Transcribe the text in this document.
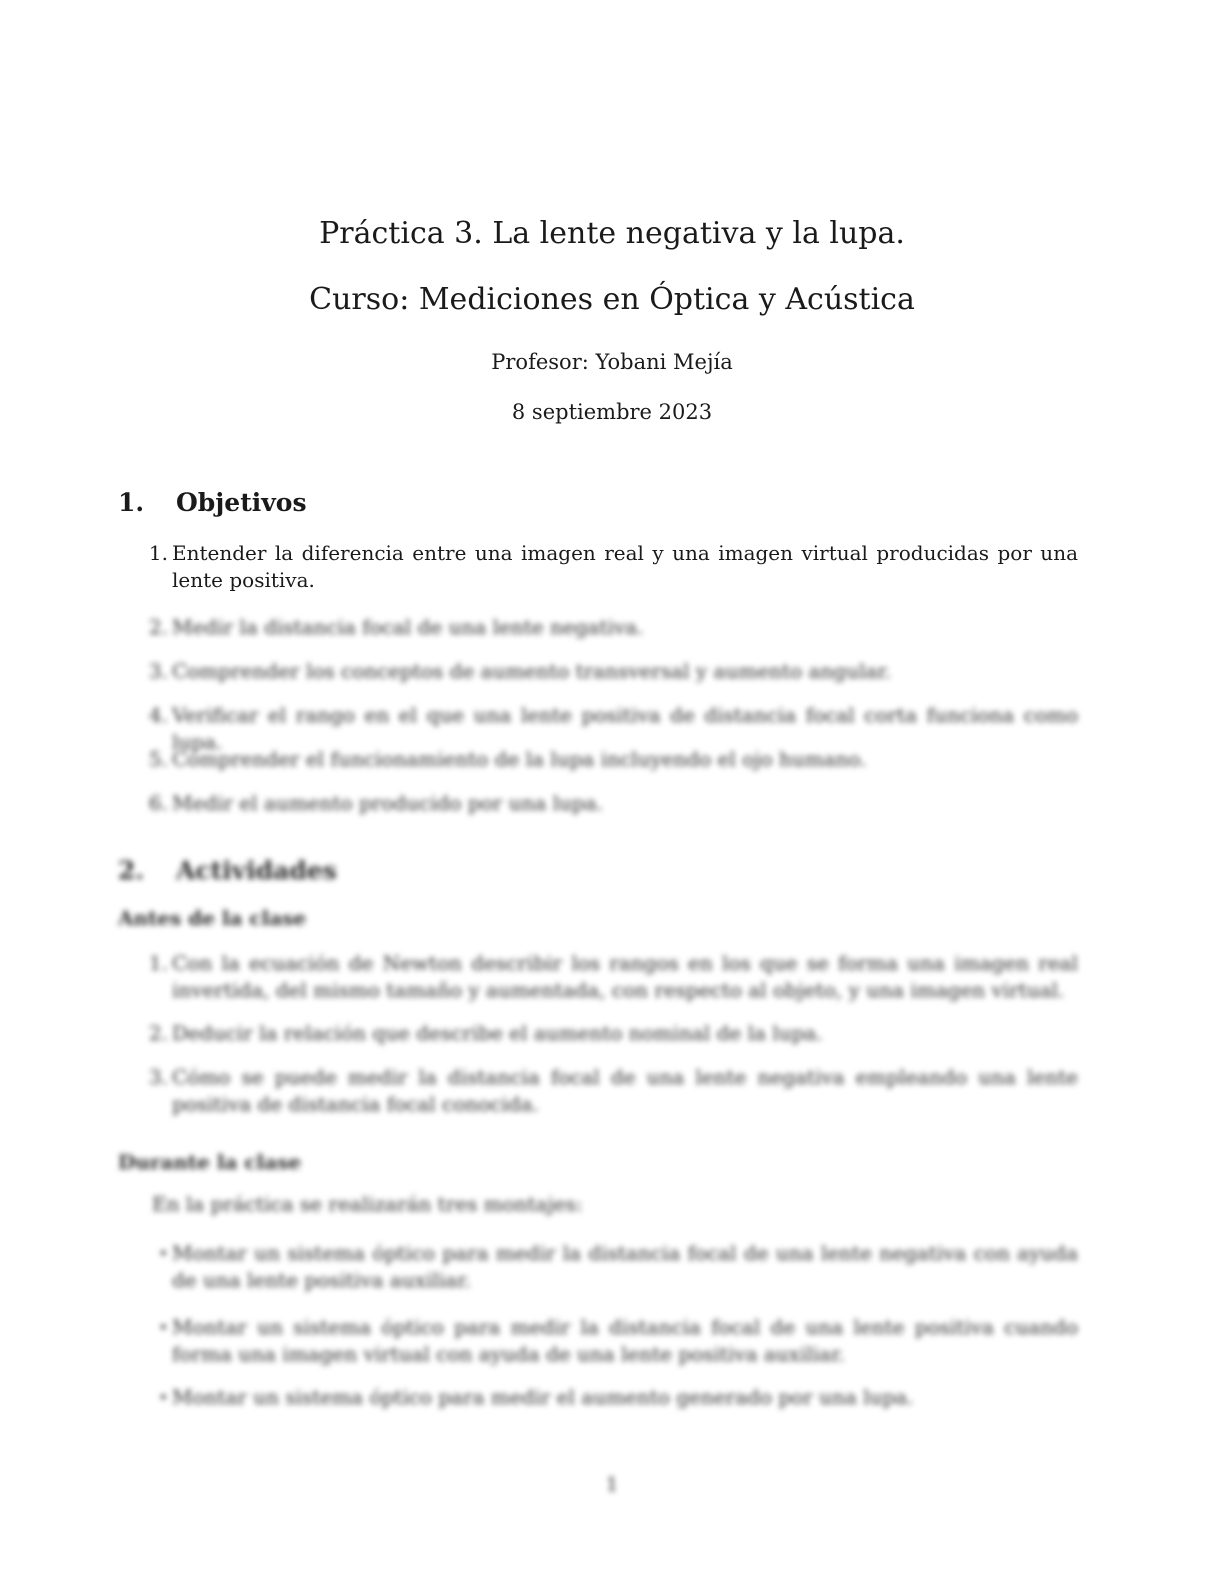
Práctica 3. La lente negativa y la lupa.
Curso: Mediciones en Óptica y Acústica
Profesor: Yobani Mejía
8 septiembre 2023
1. Objetivos
1. Entender la diferencia entre una imagen real y una imagen virtual producidas por una lente positiva.
2. Medir la distancia focal de una lente negativa.
3. Comprender los conceptos de aumento transversal y aumento angular.
4. Verificar el rango en el que una lente positiva de distancia focal corta funciona como lupa.
5. Comprender el funcionamiento de la lupa incluyendo el ojo humano.
6. Medir el aumento producido por una lupa.
2. Actividades
Antes de la clase
1. Con la ecuación de Newton describir los rangos en los que se forma una imagen real invertida, del mismo tamaño y aumentada, con respecto al objeto, y una imagen virtual.
2. Deducir la relación que describe el aumento nominal de la lupa.
3. Cómo se puede medir la distancia focal de una lente negativa empleando una lente positiva de distancia focal conocida.
Durante la clase
En la práctica se realizarán tres montajes:
• Montar un sistema óptico para medir la distancia focal de una lente negativa con ayuda de una lente positiva auxiliar.
• Montar un sistema óptico para medir la distancia focal de una lente positiva cuando forma una imagen virtual con ayuda de una lente positiva auxiliar.
• Montar un sistema óptico para medir el aumento generado por una lupa.
1
